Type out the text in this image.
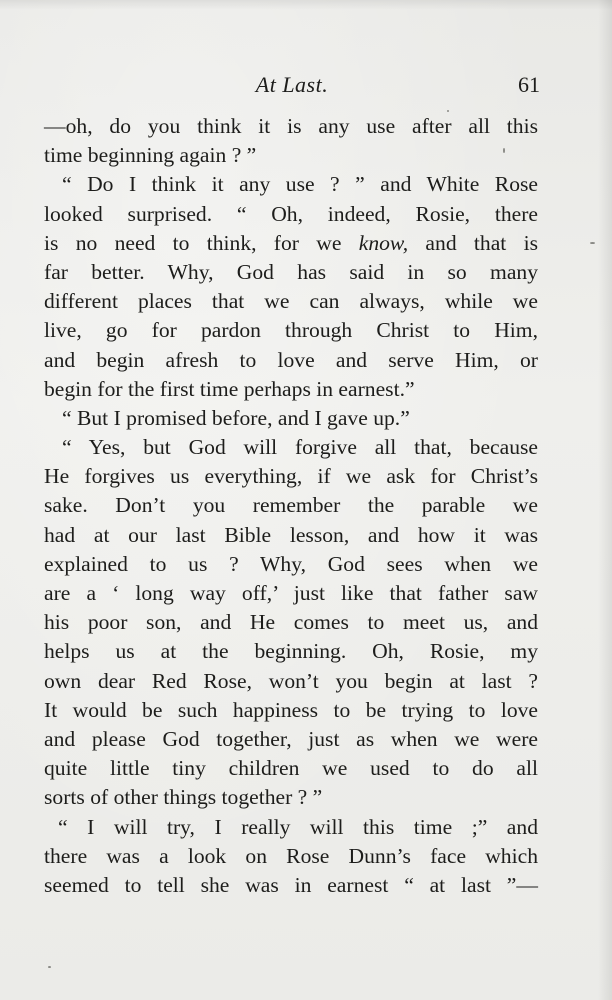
At Last.	61
—oh, do you think it is any use after all this
time beginning again ? ”
“ Do I think it any use ? ” and White Rose
looked surprised. “ Oh, indeed, Rosie, there
is no need to think, for we know, and that is
far better. Why, God has said in so many
different places that we can always, while we
live, go for pardon through Christ to Him,
and begin afresh to love and serve Him, or
begin for the first time perhaps in earnest.”
“ But I promised before, and I gave up.”
“ Yes, but God will forgive all that, because
He forgives us everything, if we ask for Christ’s
sake. Don’t you remember the parable we
had at our last Bible lesson, and how it was
explained to us ? Why, God sees when we
are a ‘ long way off,’ just like that father saw
his poor son, and He comes to meet us, and
helps us at the beginning. Oh, Rosie, my
own dear Red Rose, won’t you begin at last ?
It would be such happiness to be trying to love
and please God together, just as when we were
quite little tiny children we used to do all
sorts of other things together ? ”
“ I will try, I really will this time ;” and
there was a look on Rose Dunn’s face which
seemed to tell she was in earnest “ at last ”—
